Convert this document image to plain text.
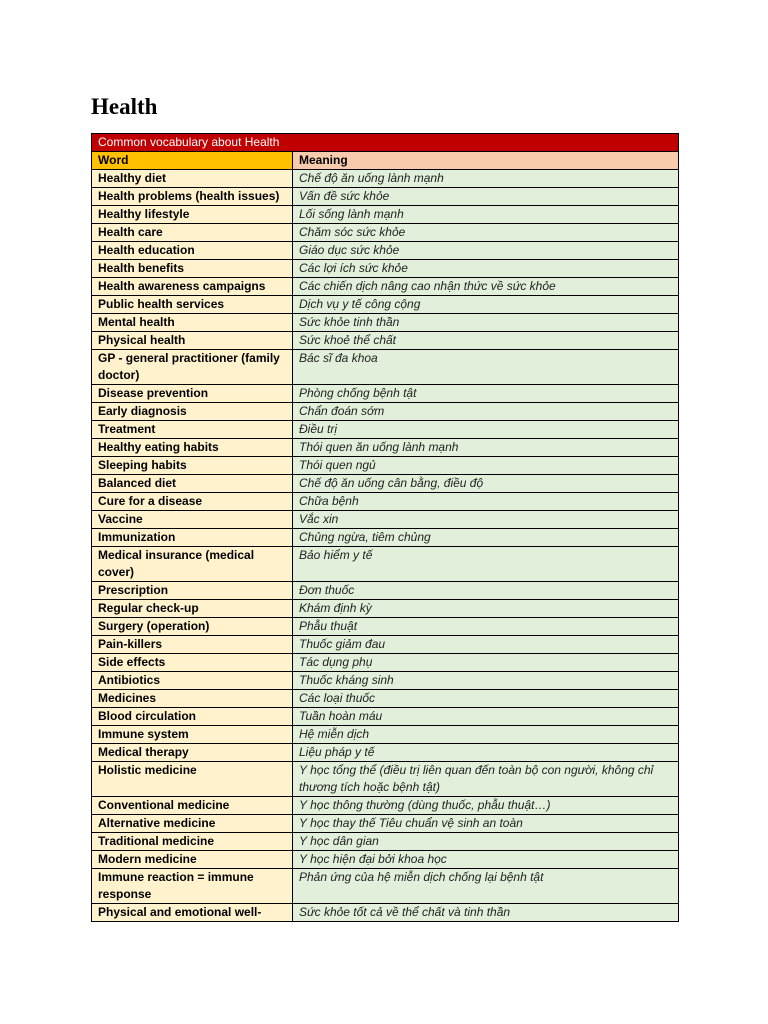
Health
Common vocabulary about Health	
Word	Meaning
Healthy diet	Chế độ ăn uống lành mạnh
Health problems (health issues)	Vấn đề sức khỏe
Healthy lifestyle	Lối sống lành mạnh
Health care	Chăm sóc sức khỏe
Health education	Giáo dục sức khỏe
Health benefits	Các lợi ích sức khỏe
Health awareness campaigns	Các chiến dịch nâng cao nhận thức về sức khỏe
Public health services	Dịch vụ y tế công cộng
Mental health	Sức khỏe tinh thần
Physical health	Sức khoẻ thể chất
GP - general practitioner (family doctor)	Bác sĩ đa khoa
Disease prevention	Phòng chống bệnh tật
Early diagnosis	Chẩn đoán sớm
Treatment	Điều trị
Healthy eating habits	Thói quen ăn uống lành mạnh
Sleeping habits	Thói quen ngủ
Balanced diet	Chế độ ăn uống cân bằng, điều độ
Cure for a disease	Chữa bệnh
Vaccine	Vắc xin
Immunization	Chủng ngừa, tiêm chủng
Medical insurance (medical cover)	Bảo hiểm y tế
Prescription	Đơn thuốc
Regular check-up	Khám định kỳ
Surgery (operation)	Phẫu thuật
Pain-killers	Thuốc giảm đau
Side effects	Tác dụng phụ
Antibiotics	Thuốc kháng sinh
Medicines	Các loại thuốc
Blood circulation	Tuần hoàn máu
Immune system	Hệ miễn dịch
Medical therapy	Liệu pháp y tế
Holistic medicine	Y học tổng thể (điều trị liên quan đến toàn bộ con người, không chỉ thương tích hoặc bệnh tật)
Conventional medicine	Y học thông thường (dùng thuốc, phẫu thuật…)
Alternative medicine	Y học thay thế Tiêu chuẩn vệ sinh an toàn
Traditional medicine	Y học dân gian
Modern medicine	Y học hiện đại bởi khoa học
Immune reaction = immune response	Phản ứng của hệ miễn dịch chống lại bệnh tật
Physical and emotional well-	Sức khỏe tốt cả về thể chất và tinh thần
